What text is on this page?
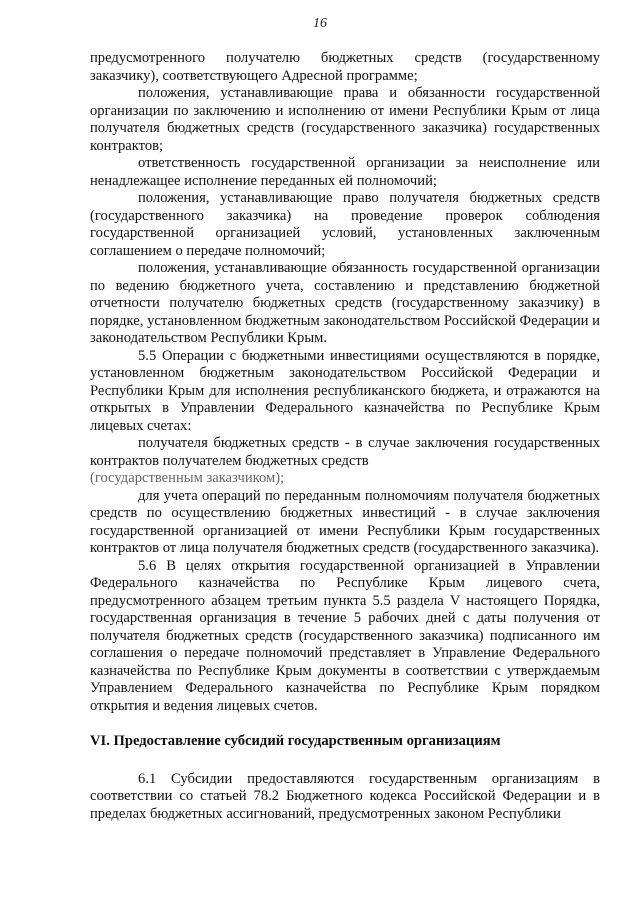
16

предусмотренного получателю бюджетных средств (государственному заказчику), соответствующего Адресной программе;

положения, устанавливающие права и обязанности государственной организации по заключению и исполнению от имени Республики Крым от лица получателя бюджетных средств (государственного заказчика) государственных контрактов;

ответственность государственной организации за неисполнение или ненадлежащее исполнение переданных ей полномочий;

положения, устанавливающие право получателя бюджетных средств (государственного заказчика) на проведение проверок соблюдения государственной организацией условий, установленных заключенным соглашением о передаче полномочий;

положения, устанавливающие обязанность государственной организации по ведению бюджетного учета, составлению и представлению бюджетной отчетности получателю бюджетных средств (государственному заказчику) в порядке, установленном бюджетным законодательством Российской Федерации и законодательством Республики Крым.

5.5 Операции с бюджетными инвестициями осуществляются в порядке, установленном бюджетным законодательством Российской Федерации и Республики Крым для исполнения республиканского бюджета, и отражаются на открытых в Управлении Федерального казначейства по Республике Крым лицевых счетах:

получателя бюджетных средств - в случае заключения государственных контрактов получателем бюджетных средств

(государственным заказчиком);

для учета операций по переданным полномочиям получателя бюджетных средств по осуществлению бюджетных инвестиций - в случае заключения государственной организацией от имени Республики Крым государственных контрактов от лица получателя бюджетных средств (государственного заказчика).

5.6 В целях открытия государственной организацией в Управлении Федерального казначейства по Республике Крым лицевого счета, предусмотренного абзацем третьим пункта 5.5 раздела V настоящего Порядка, государственная организация в течение 5 рабочих дней с даты получения от получателя бюджетных средств (государственного заказчика) подписанного им соглашения о передаче полномочий представляет в Управление Федерального казначейства по Республике Крым документы в соответствии с утверждаемым Управлением Федерального казначейства по Республике Крым порядком открытия и ведения лицевых счетов.

VI. Предоставление субсидий государственным организациям

6.1 Субсидии предоставляются государственным организациям в соответствии со статьей 78.2 Бюджетного кодекса Российской Федерации и в пределах бюджетных ассигнований, предусмотренных законом Республики
